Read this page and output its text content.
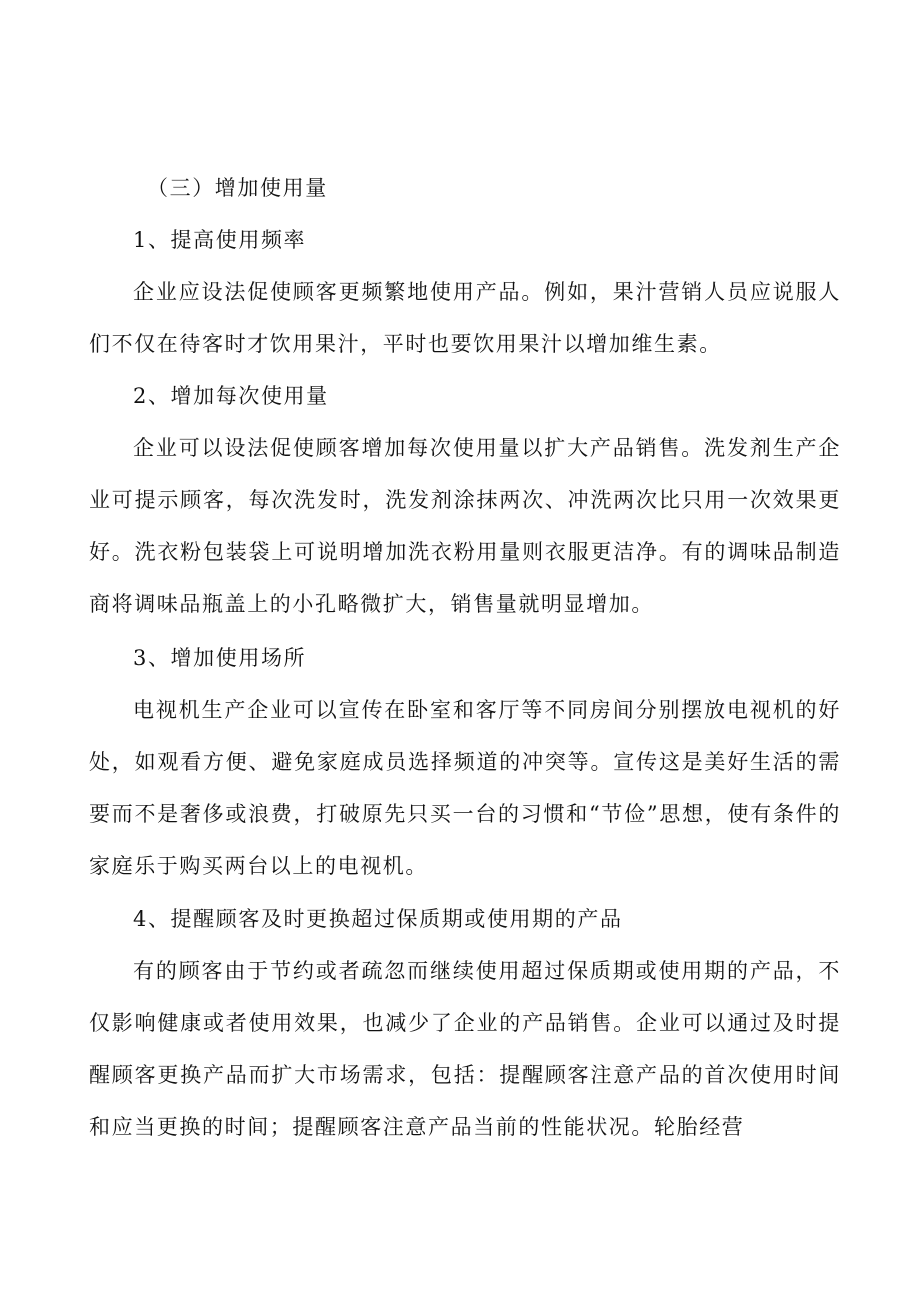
（三）增加使用量

1、提高使用频率

企业应设法促使顾客更频繁地使用产品。例如，果汁营销人员应说服人们不仅在待客时才饮用果汁，平时也要饮用果汁以增加维生素。

2、增加每次使用量

企业可以设法促使顾客增加每次使用量以扩大产品销售。洗发剂生产企业可提示顾客，每次洗发时，洗发剂涂抹两次、冲洗两次比只用一次效果更好。洗衣粉包装袋上可说明增加洗衣粉用量则衣服更洁净。有的调味品制造商将调味品瓶盖上的小孔略微扩大，销售量就明显增加。

3、增加使用场所

电视机生产企业可以宣传在卧室和客厅等不同房间分别摆放电视机的好处，如观看方便、避免家庭成员选择频道的冲突等。宣传这是美好生活的需要而不是奢侈或浪费，打破原先只买一台的习惯和“节俭”思想，使有条件的家庭乐于购买两台以上的电视机。

4、提醒顾客及时更换超过保质期或使用期的产品

有的顾客由于节约或者疏忽而继续使用超过保质期或使用期的产品，不仅影响健康或者使用效果，也减少了企业的产品销售。企业可以通过及时提醒顾客更换产品而扩大市场需求，包括：提醒顾客注意产品的首次使用时间和应当更换的时间；提醒顾客注意产品当前的性能状况。轮胎经营
